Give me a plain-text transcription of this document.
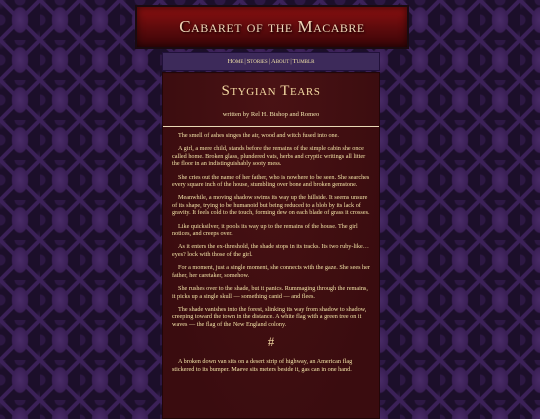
Cabaret of the Macabre
Home | Stories | About | Tumblr
Stygian Tears
written by Rel H. Bishop and Romeo

The smell of ashes singes the air, wood and witch fused into one.

A girl, a mere child, stands before the remains of the simple cabin she once called home. Broken glass, plundered vats, herbs and cryptic writings all litter the floor in an indistinguishably sooty mess.

She cries out the name of her father, who is nowhere to be seen. She searches every square inch of the house, stumbling over bone and broken gemstone.

Meanwhile, a moving shadow swims its way up the hillside. It seems unsure of its shape, trying to be humanoid but being reduced to a blob by its lack of gravity. It feels cold to the touch, forming dew on each blade of grass it crosses.

Like quicksilver, it pools its way up to the remains of the house. The girl notices, and creeps over.

As it enters the ex-threshold, the shade stops in its tracks. Its two ruby-like… eyes? lock with those of the girl.

For a moment, just a single moment, she connects with the gaze. She sees her father, her caretaker, somehow.

She rushes over to the shade, but it panics. Rummaging through the remains, it picks up a single skull — something canid — and flees.

The shade vanishes into the forest, slinking its way from shadow to shadow, creeping toward the town in the distance. A white flag with a green tree on it waves — the flag of the New England colony.

#

A broken down van sits on a desert strip of highway, an American flag stickered to its bumper. Maeve sits meters beside it, gas can in one hand.
